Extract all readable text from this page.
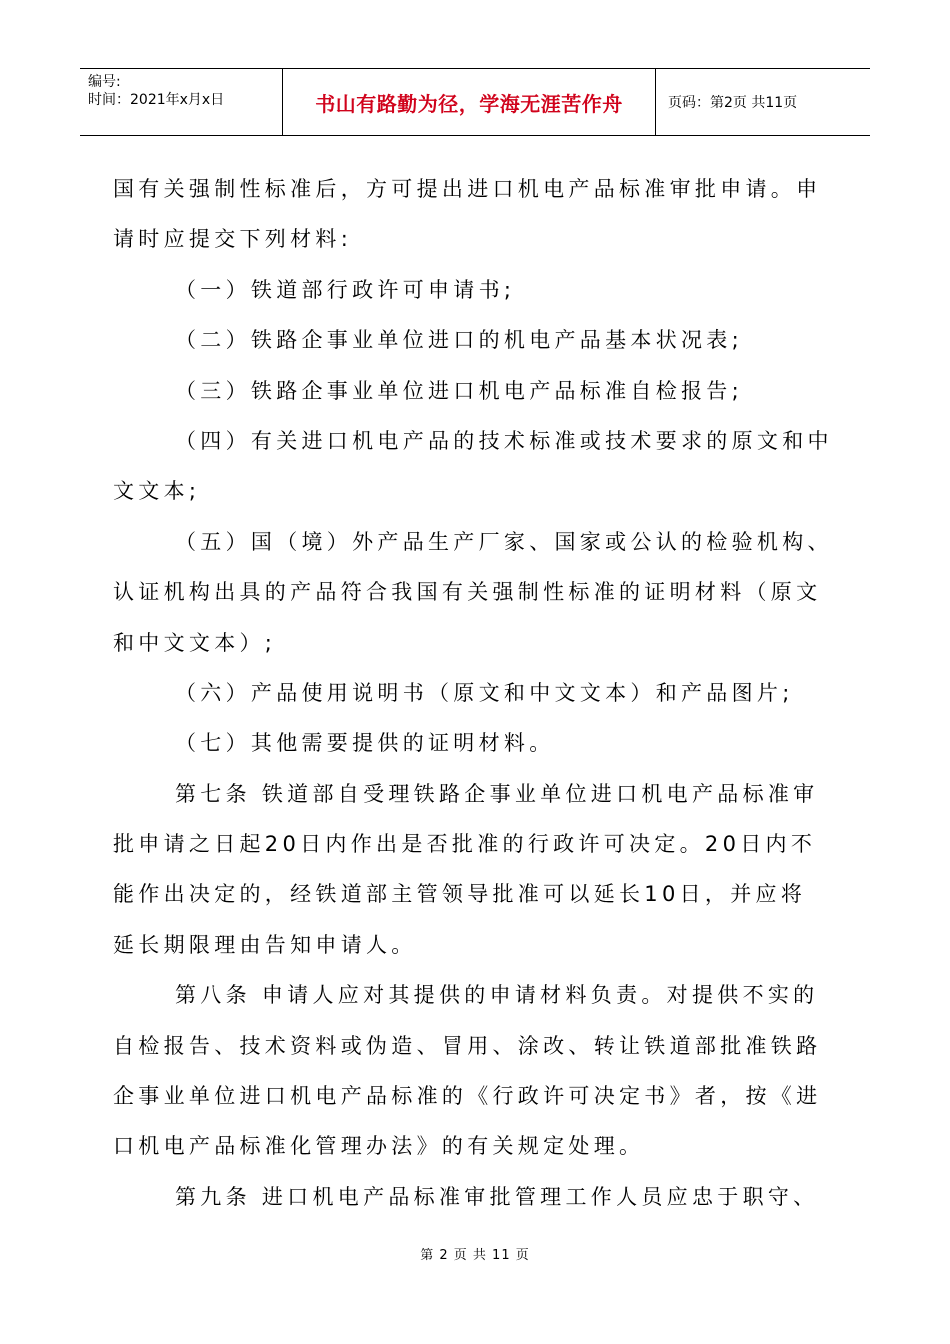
编号:
时间：2021年x月x日	书山有路勤为径，学海无涯苦作舟	页码：第2页 共11页
国有关强制性标准后，方可提出进口机电产品标准审批申请。申
请时应提交下列材料:
（一）铁道部行政许可申请书;
（二）铁路企事业单位进口的机电产品基本状况表;
（三）铁路企事业单位进口机电产品标准自检报告;
（四）有关进口机电产品的技术标准或技术要求的原文和中
文文本;
（五）国（境）外产品生产厂家、国家或公认的检验机构、
认证机构出具的产品符合我国有关强制性标准的证明材料（原文
和中文文本）;
（六）产品使用说明书（原文和中文文本）和产品图片;
（七）其他需要提供的证明材料。
第七条 铁道部自受理铁路企事业单位进口机电产品标准审
批申请之日起20日内作出是否批准的行政许可决定。20日内不
能作出决定的，经铁道部主管领导批准可以延长10日，并应将
延长期限理由告知申请人。
第八条 申请人应对其提供的申请材料负责。对提供不实的
自检报告、技术资料或伪造、冒用、涂改、转让铁道部批准铁路
企事业单位进口机电产品标准的《行政许可决定书》者，按《进
口机电产品标准化管理办法》的有关规定处理。
第九条 进口机电产品标准审批管理工作人员应忠于职守、
第 2 页 共 11 页
